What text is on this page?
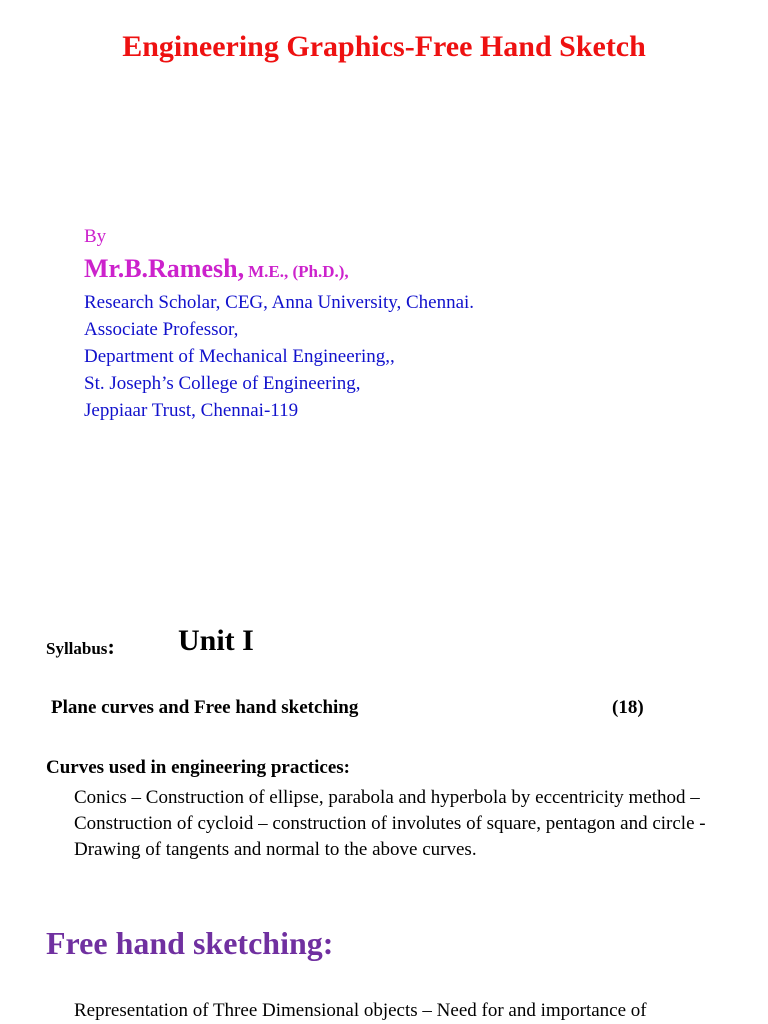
Engineering Graphics-Free Hand Sketch
By
Mr.B.Ramesh, M.E., (Ph.D.),
Research Scholar, CEG, Anna University, Chennai.
Associate Professor,
Department of Mechanical Engineering,,
St. Joseph’s College of Engineering,
Jeppiaar Trust, Chennai-119
Syllabus: Unit I
Plane curves and Free hand sketching	(18)
Curves used in engineering practices:
Conics – Construction of ellipse, parabola and hyperbola by eccentricity method – Construction of cycloid – construction of involutes of square, pentagon and circle - Drawing of tangents and normal to the above curves.
Free hand sketching:
Representation of Three Dimensional objects – Need for and importance of
